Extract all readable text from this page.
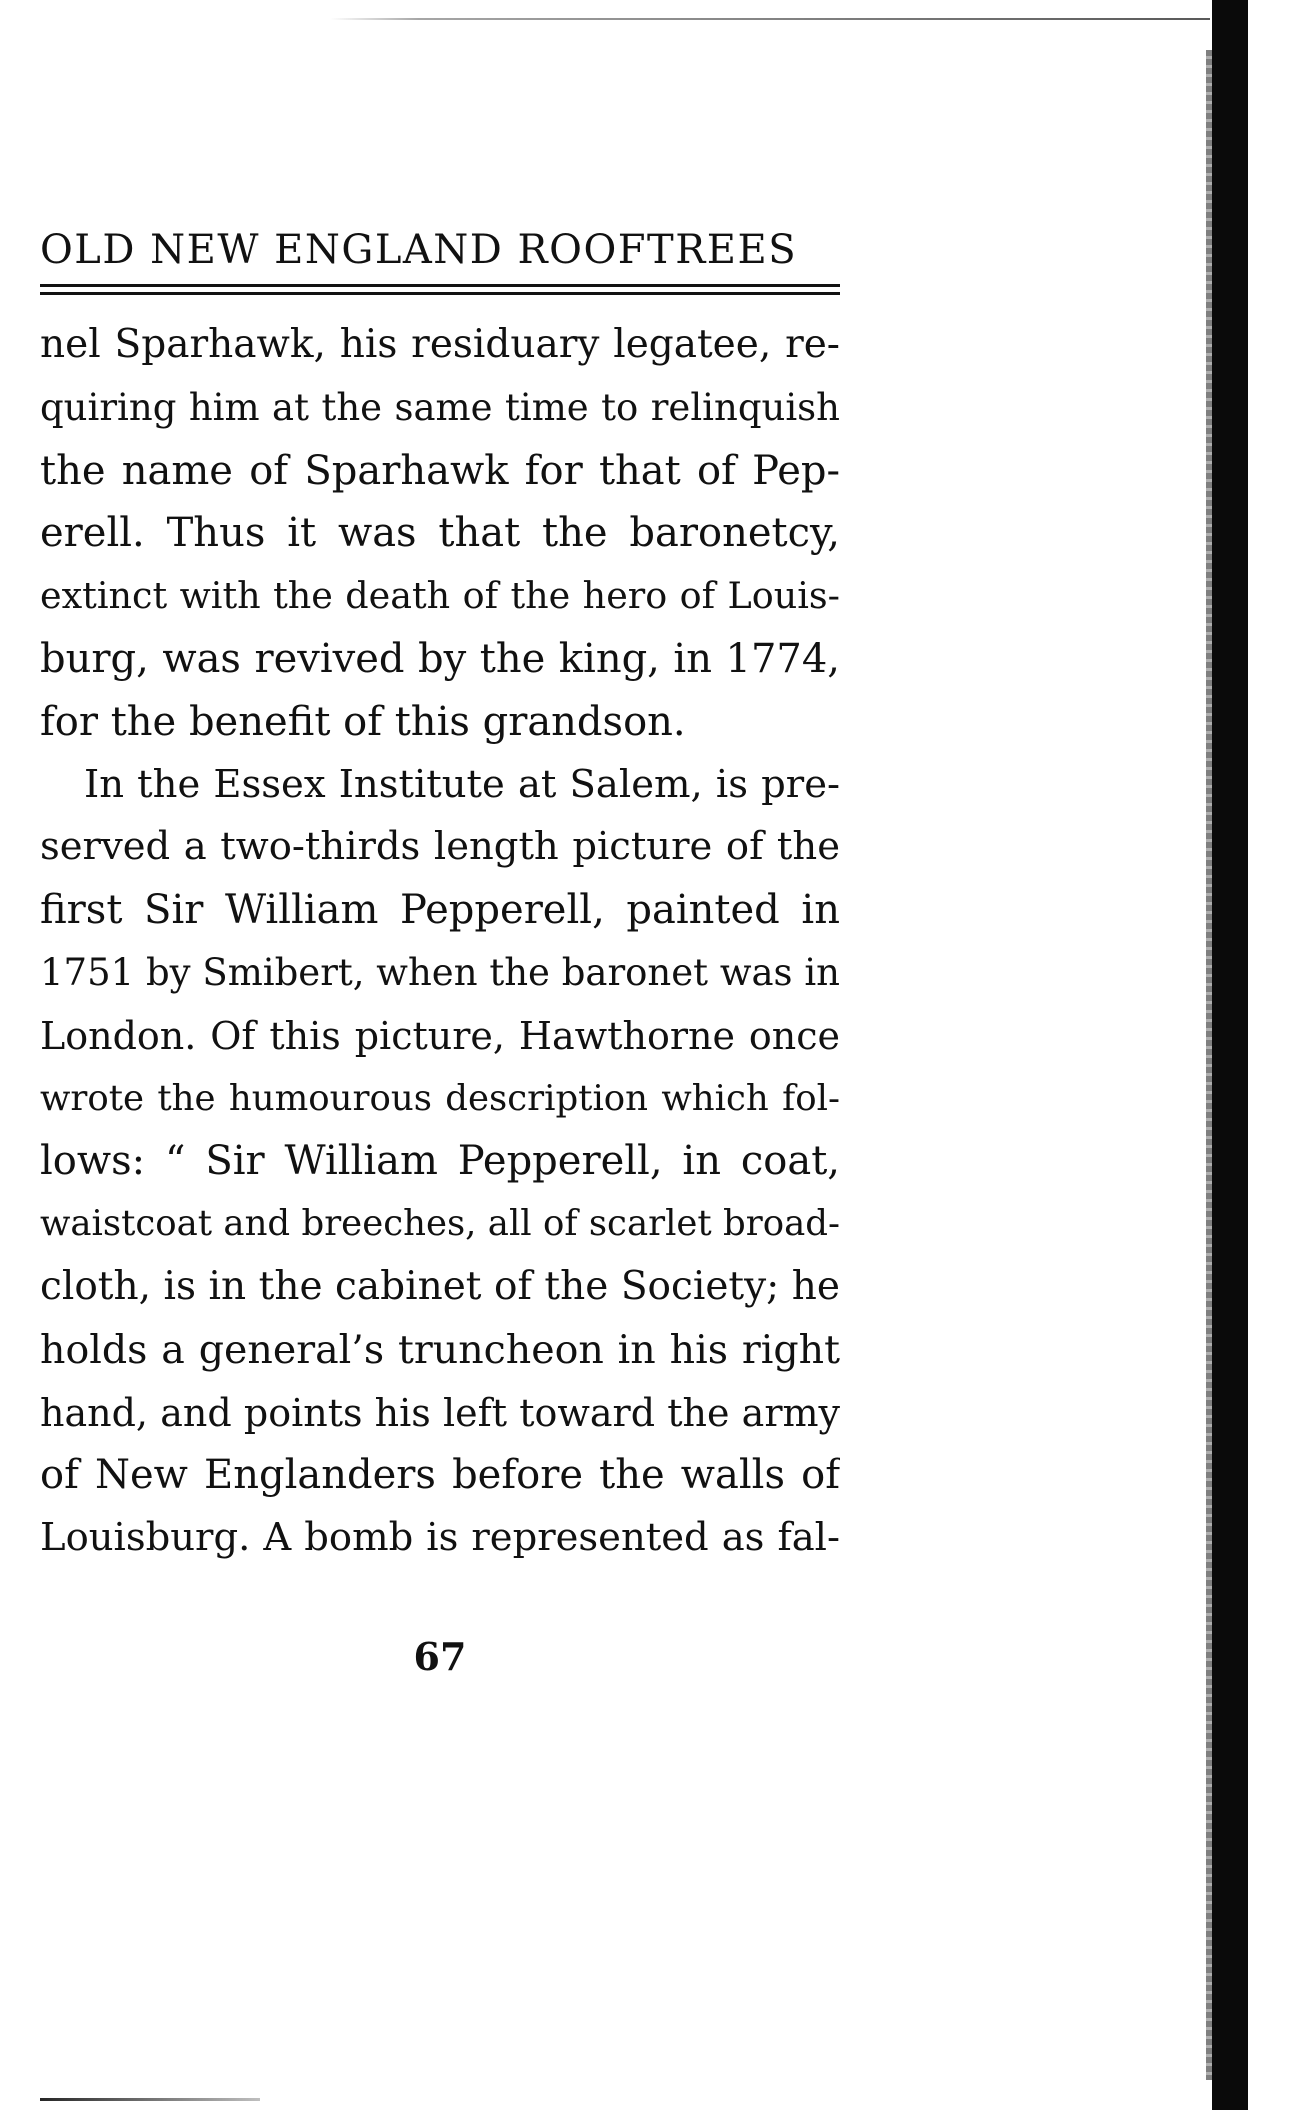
OLD NEW ENGLAND ROOFTREES
nel Sparhawk, his residuary legatee, re-
quiring him at the same time to relinquish
the name of Sparhawk for that of Pep-
erell. Thus it was that the baronetcy,
extinct with the death of the hero of Louis-
burg, was revived by the king, in 1774,
for the benefit of this grandson.
In the Essex Institute at Salem, is pre-
served a two-thirds length picture of the
first Sir William Pepperell, painted in
1751 by Smibert, when the baronet was in
London. Of this picture, Hawthorne once
wrote the humourous description which fol-
lows: “ Sir William Pepperell, in coat,
waistcoat and breeches, all of scarlet broad-
cloth, is in the cabinet of the Society; he
holds a general’s truncheon in his right
hand, and points his left toward the army
of New Englanders before the walls of
Louisburg. A bomb is represented as fal-
67
